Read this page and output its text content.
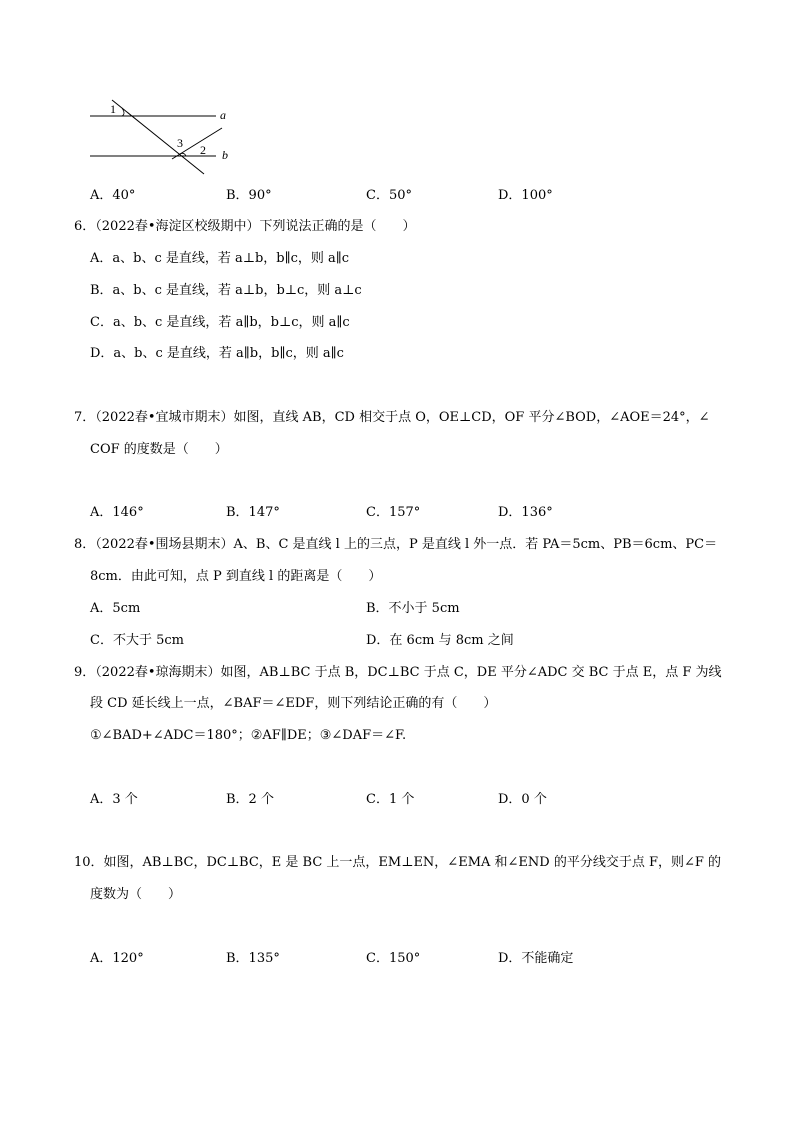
1	a
3 2 b
A．40°	B．90°	C．50°	D．100°
6．（2022春•海淀区校级期中）下列说法正确的是（　　）
A．a、b、c 是直线，若 a⊥b，b∥c，则 a∥c
B．a、b、c 是直线，若 a⊥b，b⊥c，则 a⊥c
C．a、b、c 是直线，若 a∥b，b⊥c，则 a∥c
D．a、b、c 是直线，若 a∥b，b∥c，则 a∥c
7．（2022春•宜城市期末）如图，直线 AB，CD 相交于点 O，OE⊥CD，OF 平分∠BOD，∠AOE＝24°，∠
COF 的度数是（　　）
A．146°	B．147°	C．157°	D．136°
8．（2022春•围场县期末）A、B、C 是直线 l 上的三点，P 是直线 l 外一点．若 PA＝5cm、PB＝6cm、PC＝
8cm．由此可知，点 P 到直线 l 的距离是（　　）
A．5cm	B．不小于 5cm
C．不大于 5cm	D．在 6cm 与 8cm 之间
9．（2022春•琼海期末）如图，AB⊥BC 于点 B，DC⊥BC 于点 C，DE 平分∠ADC 交 BC 于点 E，点 F 为线
段 CD 延长线上一点，∠BAF＝∠EDF，则下列结论正确的有（　　）
①∠BAD+∠ADC＝180°；②AF∥DE；③∠DAF＝∠F.
A．3 个	B．2 个	C．1 个	D．0 个
10．如图，AB⊥BC，DC⊥BC，E 是 BC 上一点，EM⊥EN，∠EMA 和∠END 的平分线交于点 F，则∠F 的
度数为（　　）
A．120°	B．135°	C．150°	D．不能确定
